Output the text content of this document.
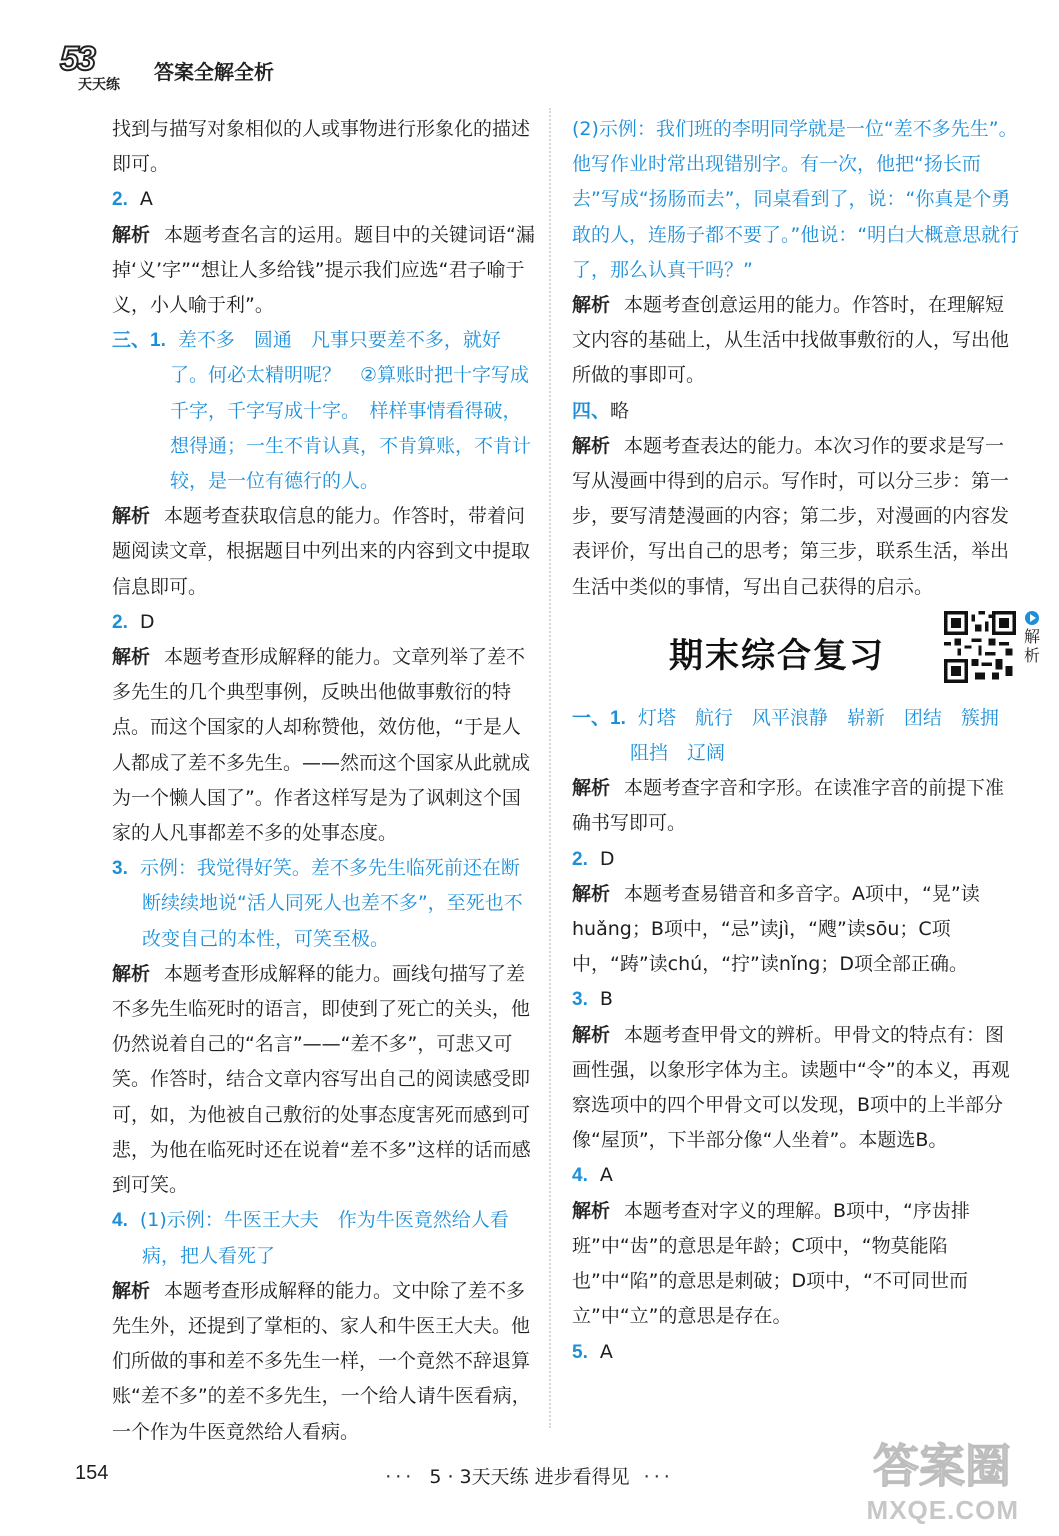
53
天天练
答案全解全析
找到与描写对象相似的人或事物进行形象化的描述即可。
2. A
解析 本题考查名言的运用。题目中的关键词语“漏掉‘义’字”“想让人多给钱”提示我们应选“君子喻于义，小人喻于利”。
三、1. 差不多　圆通　凡事只要差不多，就好了。何必太精明呢？　②算账时把十字写成千字，千字写成十字。　样样事情看得破，想得通；一生不肯认真，不肯算账，不肯计较，是一位有德行的人。
解析 本题考查获取信息的能力。作答时，带着问题阅读文章，根据题目中列出来的内容到文中提取信息即可。
2. D
解析 本题考查形成解释的能力。文章列举了差不多先生的几个典型事例，反映出他做事敷衍的特点。而这个国家的人却称赞他，效仿他，“于是人人都成了差不多先生。——然而这个国家从此就成为一个懒人国了”。作者这样写是为了讽刺这个国家的人凡事都差不多的处事态度。
3. 示例：我觉得好笑。差不多先生临死前还在断断续续地说“活人同死人也差不多”，至死也不改变自己的本性，可笑至极。
解析 本题考查形成解释的能力。画线句描写了差不多先生临死时的语言，即使到了死亡的关头，他仍然说着自己的“名言”——“差不多”，可悲又可笑。作答时，结合文章内容写出自己的阅读感受即可，如，为他被自己敷衍的处事态度害死而感到可悲，为他在临死时还在说着“差不多”这样的话而感到可笑。
4. (1)示例：牛医王大夫　作为牛医竟然给人看病，把人看死了
解析 本题考查形成解释的能力。文中除了差不多先生外，还提到了掌柜的、家人和牛医王大夫。他们所做的事和差不多先生一样，一个竟然不辞退算账“差不多”的差不多先生，一个给人请牛医看病，一个作为牛医竟然给人看病。
(2)示例：我们班的李明同学就是一位“差不多先生”。他写作业时常出现错别字。有一次，他把“扬长而去”写成“扬肠而去”，同桌看到了，说：“你真是个勇敢的人，连肠子都不要了。”他说：“明白大概意思就行了，那么认真干吗？”
解析 本题考查创意运用的能力。作答时，在理解短文内容的基础上，从生活中找做事敷衍的人，写出他所做的事即可。
四、略
解析 本题考查表达的能力。本次习作的要求是写一写从漫画中得到的启示。写作时，可以分三步：第一步，要写清楚漫画的内容；第二步，对漫画的内容发表评价，写出自己的思考；第三步，联系生活，举出生活中类似的事情，写出自己获得的启示。
期末综合复习	解
析
一、1. 灯塔　航行　风平浪静　崭新　团结　簇拥　阻挡　辽阔
解析 本题考查字音和字形。在读准字音的前提下准确书写即可。
2. D
解析 本题考查易错音和多音字。A项中，“晃”读huǎng；B项中，“忌”读jì，“飕”读sōu；C项中，“踌”读chú，“拧”读nǐng；D项全部正确。
3. B
解析 本题考查甲骨文的辨析。甲骨文的特点有：图画性强，以象形字体为主。读题中“令”的本义，再观察选项中的四个甲骨文可以发现，B项中的上半部分像“屋顶”，下半部分像“人坐着”。本题选B。
4. A
解析 本题考查对字义的理解。B项中，“序齿排班”中“齿”的意思是年龄；C项中，“物莫能陷也”中“陷”的意思是刺破；D项中，“不可同世而立”中“立”的意思是存在。
5. A
154	··· 5 · 3天天练 进步看得见 ···	答案圈
MXQE.COM
